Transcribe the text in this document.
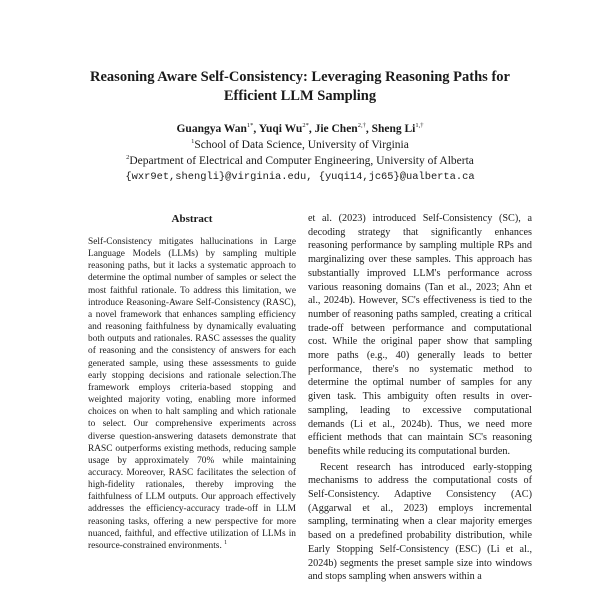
Reasoning Aware Self-Consistency: Leveraging Reasoning Paths for
Efficient LLM Sampling
Guangya Wan$^{1*}$, Yuqi $Wu^{2*}$, Jie Chen$^{2,\dagger}$, Sheng $Li^{1,\dagger}$
$^1$School of Data Science, University of Virginia
$^2$Department of Electrical and Computer Engineering, University of Alberta
{wxr9et,shengli}@virginia.edu, {yuqi14,jc65}@ualberta.ca
Abstract
Self-Consistency mitigates hallucinations in Large Language Models (LLMs) by sampling multiple reasoning paths, but it lacks a systematic approach to determine the optimal number of samples or select the most faithful rationale. To address this limitation, we introduce Reasoning-Aware Self-Consistency (RASC), a novel framework that enhances sampling efficiency and reasoning faithfulness by dynamically evaluating both outputs and rationales. RASC assesses the quality of reasoning and the consistency of answers for each generated sample, using these assessments to guide early stopping decisions and rationale selection.The framework employs criteria-based stopping and weighted majority voting, enabling more informed choices on when to halt sampling and which rationale to select. Our comprehensive experiments across diverse question-answering datasets demonstrate that RASC outperforms existing methods, reducing sample usage by approximately 70% while maintaining accuracy. Moreover, RASC facilitates the selection of high-fidelity rationales, thereby improving the faithfulness of LLM outputs. Our approach effectively addresses the efficiency-accuracy trade-off in LLM reasoning tasks, offering a new perspective for more nuanced, faithful, and effective utilization of LLMs in resource-constrained environments. $^1$

et al. (2023) introduced Self-Consistency (SC), a decoding strategy that significantly enhances reasoning performance by sampling multiple RPs and marginalizing over these samples. This approach has substantially improved LLM's performance across various reasoning domains (Tan et al., 2023; Ahn et al., 2024b). However, SC's effectiveness is tied to the number of reasoning paths sampled, creating a critical trade-off between performance and computational cost. While the original paper show that sampling more paths (e.g., 40) generally leads to better performance, there's no systematic method to determine the optimal number of samples for any given task. This ambiguity often results in over-sampling, leading to excessive computational demands (Li et al., 2024b). Thus, we need more efficient methods that can maintain SC's reasoning benefits while reducing its computational burden.

Recent research has introduced early-stopping mechanisms to address the computational costs of Self-Consistency. Adaptive Consistency (AC) (Aggarwal et al., 2023) employs incremental sampling, terminating when a clear majority emerges based on a predefined probability distribution, while Early Stopping Self-Consistency (ESC) (Li et al., 2024b) segments the preset sample size into windows and stops sampling when answers within a
